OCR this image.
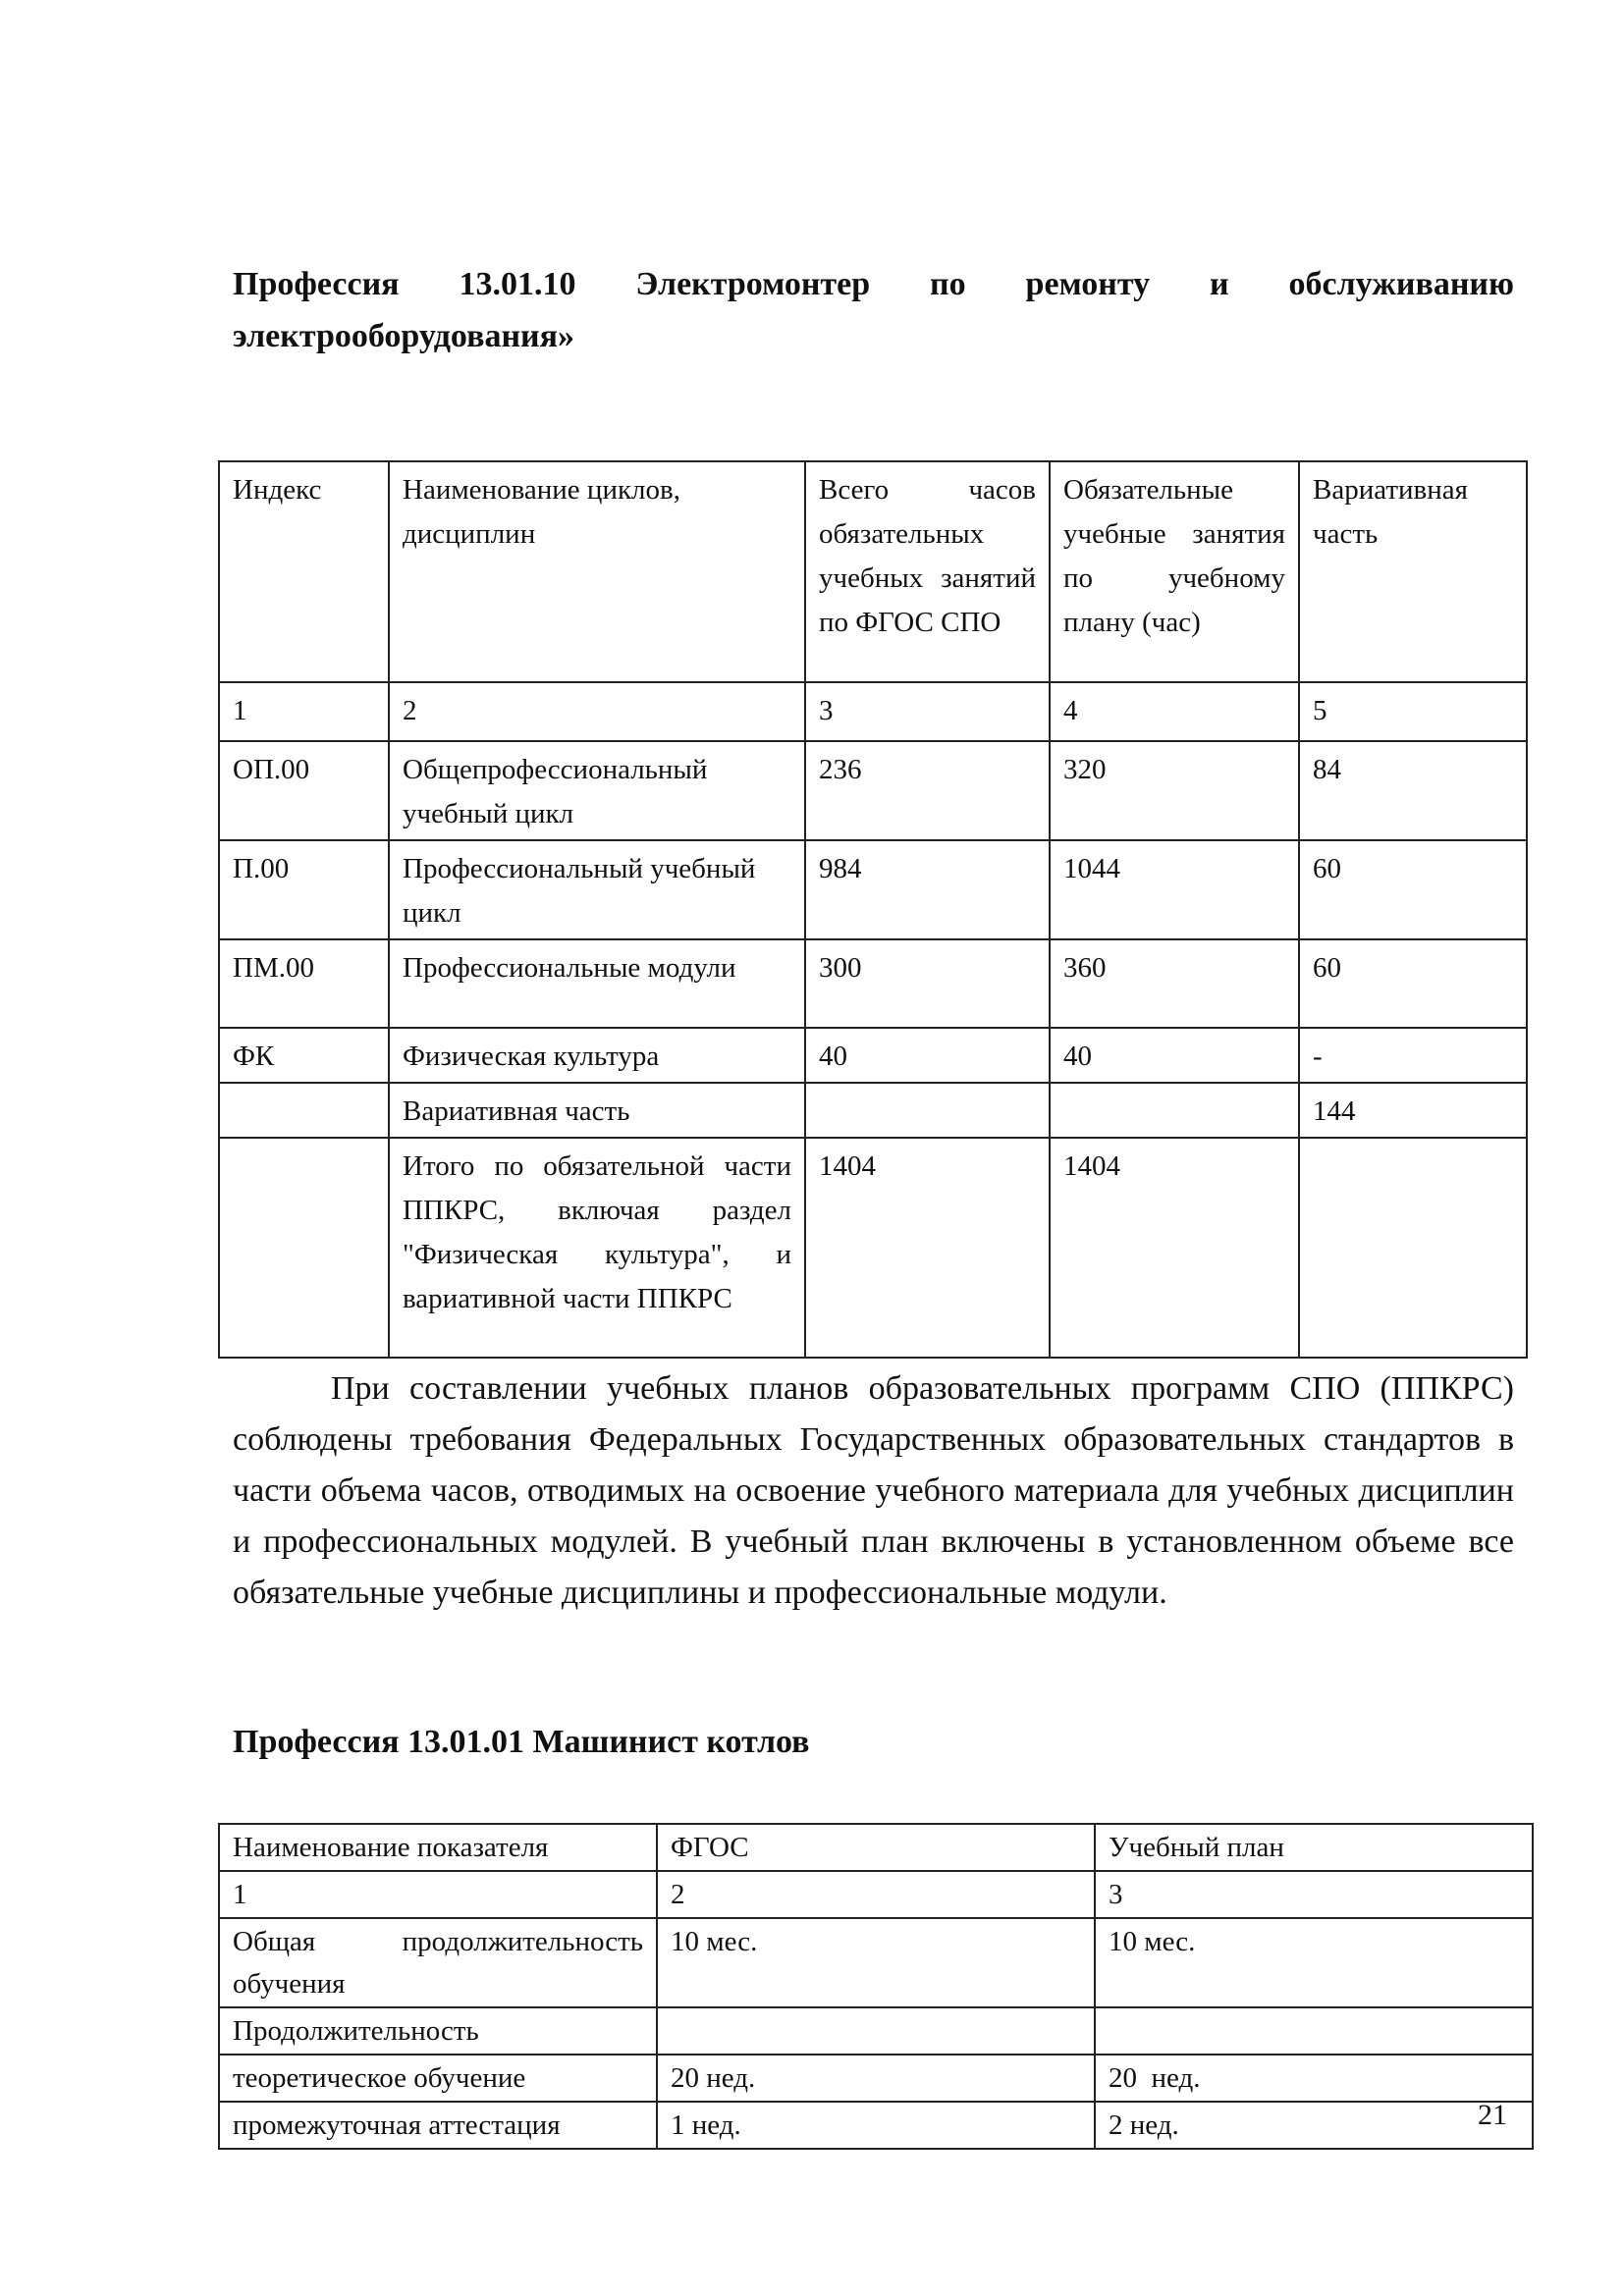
Профессия 13.01.10 Электромонтер по ремонту и обслуживанию
электрооборудования»
Индекс	Наименование циклов, дисциплин	Всего часов обязательных учебных занятий по ФГОС СПО	Обязательные учебные занятия по учебному плану (час)	Вариативная часть
1	2	3	4	5
ОП.00	Общепрофессиональный учебный цикл	236	320	84
П.00	Профессиональный учебный цикл	984	1044	60
ПМ.00	Профессиональные модули	300	360	60
ФК	Физическая культура	40	40	-
	Вариативная часть			144
	Итого по обязательной части ППКРС, включая раздел "Физическая культура", и вариативной части ППКРС	1404	1404	
При составлении учебных планов образовательных программ СПО (ППКРС) соблюдены требования Федеральных Государственных образовательных стандартов в части объема часов, отводимых на освоение учебного материала для учебных дисциплин и профессиональных модулей. В учебный план включены в установленном объеме все обязательные учебные дисциплины и профессиональные модули.
Профессия 13.01.01 Машинист котлов
Наименование показателя	ФГОС	Учебный план
1	2	3
Общая продолжительность обучения	10 мес.	10 мес.
Продолжительность		
теоретическое обучение	20 нед.	20  нед.
промежуточная аттестация	1 нед.	2 нед.	21
